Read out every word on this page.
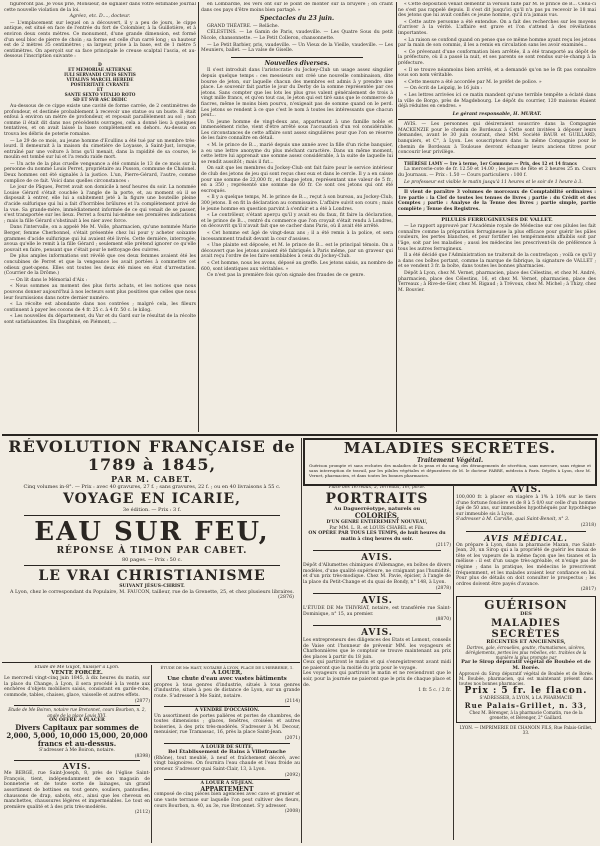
figureront pas. Je vous prie, Monsieur, de signaler dans votre estimable journal cette nouvelle violation de la loi.

Agréez, etc. D...., docteur.

— L'emplacement sur lequel on a découvert, il y a peu de jours, le cippe antique, est situé en face de l'entrée du fort de Colombier, à la Guillotière, et à environ deux cents mètres. Ce monument, d'une grande dimension, est formé d'un seul bloc de pierre de choin ; sa forme est celle d'un carré long ; sa hauteur est de 2 mètres 35 centimètres ; sa largeur, prise à la base, est de 1 mètre 5 centimètres. On aperçoit sur sa face principale le creuse scalptal l'ascia, et au-dessous l'inscription suivante :

D
ET MEMORIAE AETERNAE
IULI SERVANDI CIVIS SENTIS
VITALIVS MARCEL HEREDE
POSTERITATE CVRANTE
ET
SANTE SEXTO VITALIO ROTO
SD ET SVB ASC DEDIC

Au-dessous de ce cippe existe une cavité de forme carrée, de 2 centimètres de profondeur, et destinée probablement à recevoir une statue ou un buste. Il était enfoui à environ un mètre de profondeur, et reposait parallèlement au sol ; non comme il était dit dans nos précédents ouvrages, cela a donné lieu à quelques tentatives, et on avait laissé la base complètement en dehors. Au-dessus on trouva les débris de poterie romaine.

— Le 29 de ce mois, au jeune homme d'Ecullins a été tué par un membre très-lourd. Il demeurait à la maison du cimetière de Loyasse, à Saint-Just, lorsque, entraîné par une voiture à bras qu'il menait, dans la rapidité de sa course, le moulin est tombé sur lui et l'a rendu raide mort.

— Un acte de la plus cruelle vengeance a été commis le 13 de ce mois sur la personne du nommé Louis Perret, propriétaire au Pusson, commune de Chalonel. Deux hommes ont été signalés à la justice. L'un, Pierre-Gérard, l'autre, comme complice de ce fait. Voici dans quelles circonstances :

Le jour de Pâques, Perret avait son domicile à neuf heures du soir. La nommée Louise Gérard s'était couchée à l'angle de la porte, et, au moment où il se disposait à entrer, elle lui a subitement jeté à la figure une bouteille pleine d'acide sulfurique qui lui a fait d'horribles brûlures et l'a complètement privé de la vue. Sa grande-mère, immédiatement informée de ce qui venait de se passer, s'est transportée sur les lieux. Perret a fourni lui-même ses premières indications ; mais la fille Gérard s'obstinait à les nier avec force.

Dans l'intervalle, on a appelé Me M. Volle, pharmacien, qu'une nommée Marie Berger, femme Cherbonnel, s'était présentée chez lui pour y acheter soixante grammes d'acide sulfurique qui lui avaient été livrés. Cette dernière, interrogée, avoua qu'elle le remit à la fille Gérard ; seulement elle prétend ignorer ce qu'elle pouvait en faire, pensant que c'était pour le nettoyage des cuivres.

De plus amples informations ont révélé que ces deux femmes avaient été les concubines de Perret et que la vengeance les avait portées à commettre cet odieux guet-apens. Elles ont toutes les deux été mises en état d'arrestation. (Courrier de la Drôme.)

— On lit dans le Mémorial d'Aix :

« Nous sommes au moment des plus forts achats, et les notices que nous pouvons donner aujourd'hui à nos lecteurs sont plus positives que celles que nous leur fournissions dans notre dernier numéro.

« La récolte est abondante dans nos contrées ; malgré cela, les fileurs continuent à payer les cocons de 4 fr. 25 c. à 4 fr. 50 c. le kilog.

« Les nouvelles du département, du Var et du Gard sur le résultat de la récolte sont satisfaisantes. En Dauphiné, en Piémont, ...

en Lombardie, les vers ont sur le point de monter sur la bruyère ; on craint dans ces pays d'être moins bien partagé. »

Spectacles du 23 juin.

GRAND THÉATRE. — Relâche.

CÉLESTINS. — Le Gamin de Paris, vaudeville. — Les Quatre Sous du petit Nicole, chansonnette. — Le Petit Colleron, chansonnette.

— Le Petit Barbier, pris, vaudeville. — Un Vieux de la Vieille, vaudeville. — Les Meuniers, ballet. — La valse de Giselle.

Nouvelles diverses.

Il s'est introduit dans l'aristocratie du Jockey-Club un usage assez singulier depuis quelque temps : ces messieurs ont créé une nouvelle combinaison, dite bourse de jeton, sur laquelle chacun des membres est admis à y prendre une place. Le souvenir fait partie le jour du Derby de la somme représentée par ces jetons. Sans compter que les lots les plus gros valent généralement de trois à vingt mille francs, et qu'en tout cas, le jeton qui est tiré sans que le commerce de fiacres, même le moins bien pourvu, n'exigeait pas de somme quand on le perd. Les jetons se rendent à ce que c'est le nom à toutes les intéressants que chacun peut...

Un jeune homme de vingt-deux ans, appartenant à une famille noble et immensément riche, vient d'être arrêté sous l'accusation d'un vol considérable. Les circonstances de cette affaire sont assez singulières pour que l'on se réserve de les faire connaître en détail.

« M. le prince de B..., marié depuis une année avec la fille d'un riche banquier, a eu une lettre anonyme du plus méchant caractère. Dans un même moment, cette lettre lui apprenait une somme assez considérable, à la suite de laquelle lui se rendit aussitôt ; mais il fut...

On sait que les membres du Jockey-Club ont fait faire pour le service intérieur de club des jetons de jeu qui sont reçus chez eux et dans le cercle. Il y a en caisse pour une somme de 22,000 fr., et chaque jeton, représentant une valeur de 5 fr., en a 350 ; représenté une somme de 60 fr. Ce sont ces jetons qui ont été escroqués.

« Il y a quelque temps, M. le prince de B..., reçut à son bureau, au Jockey-Club, 300 jetons. Il en fit la déclaration au commissaire. L'affaire suivit son cours ; mais le jeune homme en question parvint à s'enfuir et a été à Londres.

« Le contrôleur, s'étant aperçu qu'il y avait eu du faux, fit faire la déclaration, et le prince de B..., rentré du commerce que l'on croyait s'était rendu à Londres, on découvrit qu'il n'avait fait que se cacher dans Paris, où il avait été arrêté.

« Cet homme est âgé de vingt-deux ans ; il a été remis à la police, et sera incessamment traduit devant la cour d'assises.

« Une plainte est déposée, et M. le prince de B... est le principal témoin. On a découvert que les jetons avaient été fabriqués à Paris même, par un graveur qui avait reçu l'ordre de les faire semblables à ceux du Jockey-Club.

« Cet homme, nous les avons, déposé au greffe. Les jetons saisis, au nombre de 600, sont identiques aux véritables. »

Ce n'est pas la première fois qu'on signale des fraudes de ce genre.

« Cette déposition venait démentir la version faite par M. le prince de B... Celui-ci ne s'est pas rappelé depuis. Il s'est dit jusqu'ici qu'il n'a pas pu recevoir le 18 mai des jetons que lui avait confiés ce jeune homme, qu'il n'a jamais vus.

« Cette autre personne a été entendue. On a fait des recherches sur les moyens d'arriver à la vérité. L'affaire est grave et l'on s'attend à des révélations importantes.

« La raison se confond quand on pense que ce même homme ayant reçu les jetons par la main de son commis, il les a remis en circulation sans les avoir examinés...

« Ce prévenant d'une conformation bien arrêtée, il a été transporté au dépôt de la préfecture, où il a passé la nuit, et ses parents se sont rendus sur-le-champ à la préfecture.

« Il se trouve néanmoins bien arrêté, et a demandé qu'on ne le fît pas connaître sous son nom véritable.

« Cette mesure a été accordée par M. le préfet de police. »

— On écrit de Leipzig, le 16 juin :

« Les lettres arrivées ici ce matin mandent qu'une terrible tempête a éclaté dans la ville de Borgo, près de Magdebourg. Le dépôt du courrier, 120 maisons étaient déjà réduites en cendres. »

Le gérant responsable, H. MURAT.

AVIS. — Les personnes qui désireraient souscrire dans la Compagnie MACKENZIE pour le chemin de Bordeaux à Cette sont invitées à déposer leurs demandes, avant le 30 juin courant, chez MM. Société BAUR et GUILLARD, banquiers, et C°, à Lyon. Les souscripteurs dans la même Compagnie pour le chemin de Bordeaux à Toulouse devront échanger leurs anciens titres pour concourir leur privilège.

THÉRÈSE LAMY — 1re à terme, 1er Commune — Prix, des 12 et 14 francs

La mercerie-cote de fr. 12.50 et 14.00 ; les jours de fête et 2 heures 25 m. Cours du Journaux. — Prix : 1.50 — Cours particuliers : 100 f.

Le professeur est visible le matin jusqu'à 11 heures et le soir de 1 heure à 3.

Il vient de paraître 3 volumes de morceaux de Comptabilité ordinaires : 1re partie : la Clef de toutes les tenues de livres ; partie : du Crédit et des Comptes ; partie : Analyse de la Tenue des livres ; partie simple, partie complète ; Tenue des Registres.

PILULES FERRUGINEUSES DE VALLET.

— Le rapport approuvé par l'Académie royale de Médecine sur ces pilules les fait connaître comme la préparation ferrugineuse la plus efficace pour guérir les pâles couleurs, les pertes blanches, et pour fortifier les tempéraments affaiblis soit par l'âge, soit par les maladies ; aussi les médecins les prescrivent-ils de préférence à tous les autres ferrugineux.

Il a été décidé que l'Administration ne traiterait de la contrefaçon ; voilà ce qu'il y a dans ces boîtes portant, comme la marque de fabrique, la signature de VALLET ; et se vendent 3 fr. la boîte, dans toutes les bonnes pharmacies.

Dépôt à Lyon, chez M. Vernet, pharmacien, place des Célestins, et chez M. André, pharmacien, place des Célestins, 16, et chez M. Vernet, pharmacien, place des Terreaux ; à Rive-de-Gier, chez M. Rigaud ; à Trévoux, chez M. Michel ; à Thizy, chez M. Bouvier.

RÉVOLUTION FRANÇAISE de 1789 à 1845,
PAR M. CABET.
Cinq volumes in-8°. — Prix : avec 40 gravures, 27 f. ; sans gravures, 22 f. ; ou en 40 livraisons à 55 c.
VOYAGE EN ICARIE,
3e édition. — Prix : 3 f.
EAU SUR FEU,
RÉPONSE À TIMON PAR CABET.
80 pages. — Prix : 50 c.
LE VRAI CHRISTIANISME
SUIVANT JÉSUS-CHRIST.
A Lyon, chez le correspondant du Populaire, M. FAUCON, tailleur, rue de la Grenette, 25, et chez plusieurs libraires.
(2876)
MALADIES SECRÈTES.
Traitement Végétal.
Guérison prompte et sans rechutes des maladies de la peau et du sang, des dérangements de sécrétion, sans mercure, sans régime et sans interruption de travail, par les pilules végétales et dépuratives de M. le docteur FABRE, médecin à Paris. Dépôts à Lyon, chez M. Vernet, pharmacien, et dans toutes les bonnes pharmacies.
Place des Terreaux, 5, Terreaux, 1er, porte.
PORTRAITS
Au Daguerréotype, naturels ou
COLORIÉS,
D'UN GENRE ENTIÈREMENT NOUVEAU,
Par MM. L. R. et LOUIS CHABEL et Fils.
ON OPÈRE PAR TOUS LES TEMPS, de huit heures du matin à cinq heures du soir.
(2117)
AVIS.
Dépôt d'Allumettes chimiques d'Allemagne, en boîtes de divers modèles, d'une qualité supérieure, ne craignant pas l'humidité, et d'un prix très-modique. Chez M. Pavie, épicier, à l'angle de la place du Petit-Change et du quai de Bondy, n° 148, à Lyon.
(2878)
AVIS.
L'ÉTUDE DE Me THIVRIAT, notaire, est transférée rue Saint-Dominique, n° 15, au premier.
(8870)
AVIS.
Les entrepreneurs des diligences des Etats et Lomont, conseils de Vaise ont l'honneur de prévenir MM. les voyageurs et Charbonnières que le comptoir se trouve maintenant au prix des places à partir du 18 juin.
Ceux qui partiront le matin et qui s'enregistreront avant midi ne paieront que la moitié du prix pour le voyage.
Les voyageurs qui partiront le matin et ne reviendront que le soir, pour la journée ne paieront que le prix de chaque place et de.
1 fr. 5 c. / 2 fr.
AVIS.
100,000 fr. à placer en viagère à 1% à 10% sur le tiers d'une fortune foncière et de 8 à 5 0/0 sur celle d'un homme âgé de 50 ans, sur immeubles hypothéqués par hypothèque sur immeuble sis à Lyon.
S'adresser à M. Carville, quai Saint-Benoit, n° 3.
(2318)
AVIS MÉDICAL.
On prépare à Lyon, dans la pharmacie Mazan, rue Saint-Jean, 20, un Sirop qui a la propriété de guérir les maux de tête et les vapeurs de la même façon que les tisanes et la mélisse : il est d'un usage très-agréable, et n'exige pas de régime ; dans la pratique, les médecins le prescrivent fréquemment, et les malades avaient leur confiance en lui. Pour plus de détails on doit consulter le prospectus ; les ordres doivent être payés d'avance.
(2817)
GUÉRISON
DES
MALADIES SECRÈTES
RÉCENTES ET ANCIENNES,
Dartres, gale, écrouelles, goutte, rhumatismes, ulcères, dérèglements, pertes les plus rebelles, etc. traitées de la manière la plus prompte par
Par le Sirop dépuratif végétal de Boubée et de M. Borée.
Approuvé du Sirop dépuratif végétal de Boubée et de Borée. M. Boubée, pharmacien, qui est maintenant présent dans toutes nos bonnes pharmacies.
Prix : 5 fr. le flacon.
S'ADRESSER, à LYON, à LA PHARMACIE
Rue Palais-Grillet, n. 33,
Chez M. Bérenger, à la pharmacie Comatin, rue de la grenette, et Bérenger, 2° Gaillard.
LYON. — IMPRIMERIE DE CHANOIN FILS, Rue Palais-Grillet, 33.
Etude de Me Guyot, huissier à Lyon.
VENTE FORCÉE.
Le mercredi vingt-cinq juin 1845, à dix heures du matin, sur la place du Change, à Lyon, il sera procédé à la vente aux enchères d'objets mobiliers saisis, consistant en garde-robe, commode, tables, chaises, glace, vaisselle et autres effets.
(2877)
Etude de Me Boiron, notaire rue Bretonnet, cours Bourbon, n. 2, angle de la place Louis XVI.
ON OFFRE À PLACER
Divers Capitaux par sommes de 2,000, 5,000, 10,000 15,000, 20,000 francs et au-dessus.
S'adresser à Me Boiron, notaire.
(8398)
AVIS.
Me BERGÉ, rue Saint-Joseph, 8, près de l'église Saint-François, tient, indépendamment de son magasin de bonneterie et de toute sorte de lainages, un grand assortiment de bottines en tout genre, souliers, pantoufles, chaussons de drap, sabots, etc., ainsi que les cheveux en manchettes, chaussures légères et imperméables. Le tout en première qualité et à des prix très-modérés.
(2112)
ÉTUDE DE Me HAST, NOTAIRE À LYON, PLACE DE L'HERBERIE, 1.
A LOUER,
Une chute d'eau avec vastes bâtiments
propres à tous genres d'industrie, situés à tous genres d'industrie, situés à peu de distance de Lyon, sur un grande route. S'adresser à Me Saint, notaire.
(2114)
A VENDRE D'OCCASION.
Un assortiment de portes palières et portes de chambres, de toutes dimensions ; glaces, fenêtres, croisées et autres boiseries, à des prix très-modérés. S'adresser à M. Decour, menuisier, rue Tramassac, 16, près la place Saint-Jean.
(2071)
A LOUER DE SUITE,
Bel Établissement de Bains à Villefranche
(Rhône), tout meublé, à neuf et fraîchement décoré, avec vingt baignoires. On fournira l'eau chaude et l'eau froide au preneur. S'adresser quai Saint-Clair, 13, à Lyon.
(2092)
A LOUER À ST-JEAN.
APPARTEMENT
composé de cinq pièces bien agencées avec cave et grenier et une vaste terrasse sur laquelle l'on peut cultiver des fleurs, cours Bourbon, n. 40, au 3e, rue Bretonnet. S'y adresser.
(2008)
